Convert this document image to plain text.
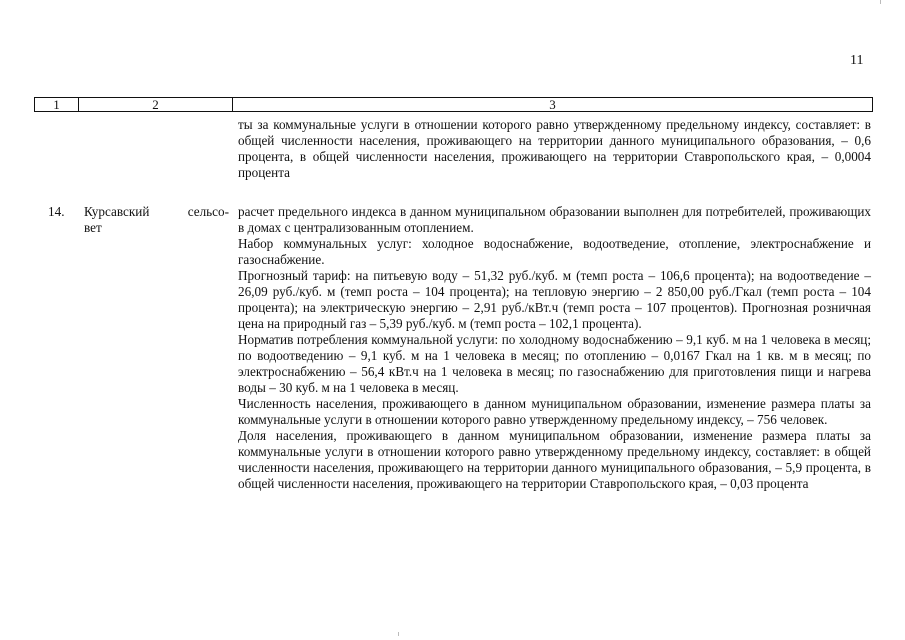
11
1	2	3

ты за коммунальные услуги в отношении которого равно утвержденному предельному индексу, составляет: в общей численности населения, проживающего на территории данного муниципального образования, – 0,6 процента, в общей численности населения, проживающего на территории Ставропольского края, – 0,0004 процента

14. Курсавский сельсо-
вет

расчет предельного индекса в данном муниципальном образовании выполнен для потребителей, проживающих в домах с централизованным отоплением.

Набор коммунальных услуг: холодное водоснабжение, водоотведение, отопление, электроснабжение и газоснабжение.

Прогнозный тариф: на питьевую воду – 51,32 руб./куб. м (темп роста – 106,6 процента); на водоотведение – 26,09 руб./куб. м (темп роста – 104 процента); на тепловую энергию – 2 850,00 руб./Гкал (темп роста – 104 процента); на электрическую энергию – 2,91 руб./кВт.ч (темп роста – 107 процентов). Прогнозная розничная цена на природный газ – 5,39 руб./куб. м (темп роста – 102,1 процента).

Норматив потребления коммунальной услуги: по холодному водоснабжению – 9,1 куб. м на 1 человека в месяц; по водоотведению – 9,1 куб. м на 1 человека в месяц; по отоплению – 0,0167 Гкал на 1 кв. м в месяц; по электроснабжению – 56,4 кВт.ч на 1 человека в месяц; по газоснабжению для приготовления пищи и нагрева воды – 30 куб. м на 1 человека в месяц.

Численность населения, проживающего в данном муниципальном образовании, изменение размера платы за коммунальные услуги в отношении которого равно утвержденному предельному индексу, – 756 человек.

Доля населения, проживающего в данном муниципальном образовании, изменение размера платы за коммунальные услуги в отношении которого равно утвержденному предельному индексу, составляет: в общей численности населения, проживающего на территории данного муниципального образования, – 5,9 процента, в общей численности населения, проживающего на территории Ставропольского края, – 0,03 процента
